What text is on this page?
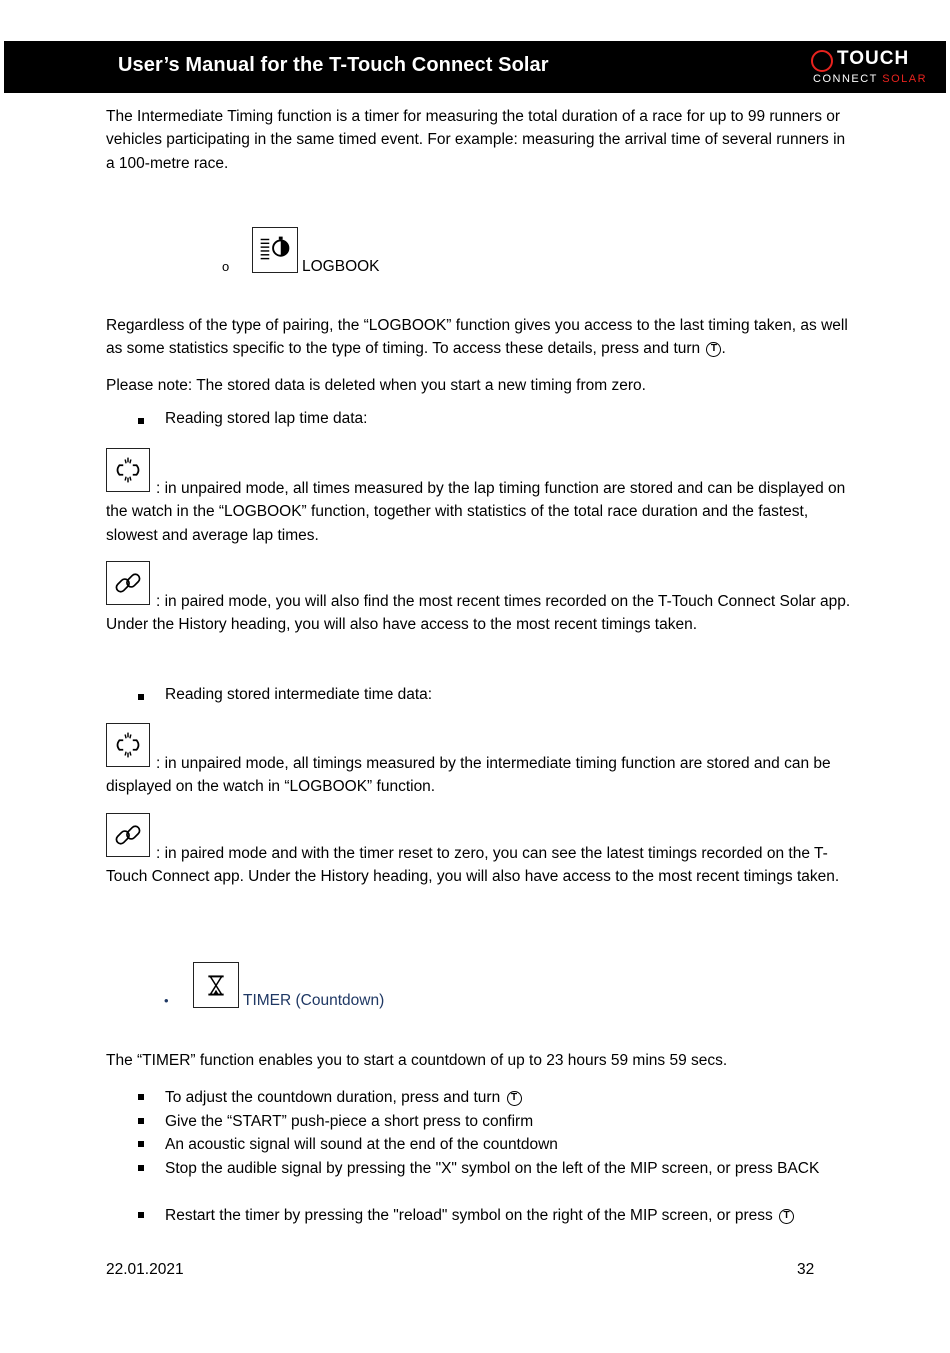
User’s Manual for the T-Touch Connect Solar	TOUCH
CONNECT SOLAR
The Intermediate Timing function is a timer for measuring the total duration of a race for up to 99 runners or vehicles participating in the same timed event. For example: measuring the arrival time of several runners in a 100-metre race.
o	LOGBOOK
Regardless of the type of pairing, the “LOGBOOK” function gives you access to the last timing taken, as well as some statistics specific to the type of timing. To access these details, press and turn T .
Please note: The stored data is deleted when you start a new timing from zero.
Reading stored lap time data:
: in unpaired mode, all times measured by the lap timing function are stored and can be displayed on the watch in the “LOGBOOK” function, together with statistics of the total race duration and the fastest, slowest and average lap times.
: in paired mode, you will also find the most recent times recorded on the T-Touch Connect Solar app. Under the History heading, you will also have access to the most recent timings taken.
Reading stored intermediate time data:
: in unpaired mode, all timings measured by the intermediate timing function are stored and can be displayed on the watch in “LOGBOOK” function.
: in paired mode and with the timer reset to zero, you can see the latest timings recorded on the T-Touch Connect app. Under the History heading, you will also have access to the most recent timings taken.
•	TIMER (Countdown)
The “TIMER” function enables you to start a countdown of up to 23 hours 59 mins 59 secs.
To adjust the countdown duration, press and turn T
Give the “START” push-piece a short press to confirm
An acoustic signal will sound at the end of the countdown
Stop the audible signal by pressing the "X" symbol on the left of the MIP screen, or press BACK
Restart the timer by pressing the "reload" symbol on the right of the MIP screen, or press T
22.01.2021	32
